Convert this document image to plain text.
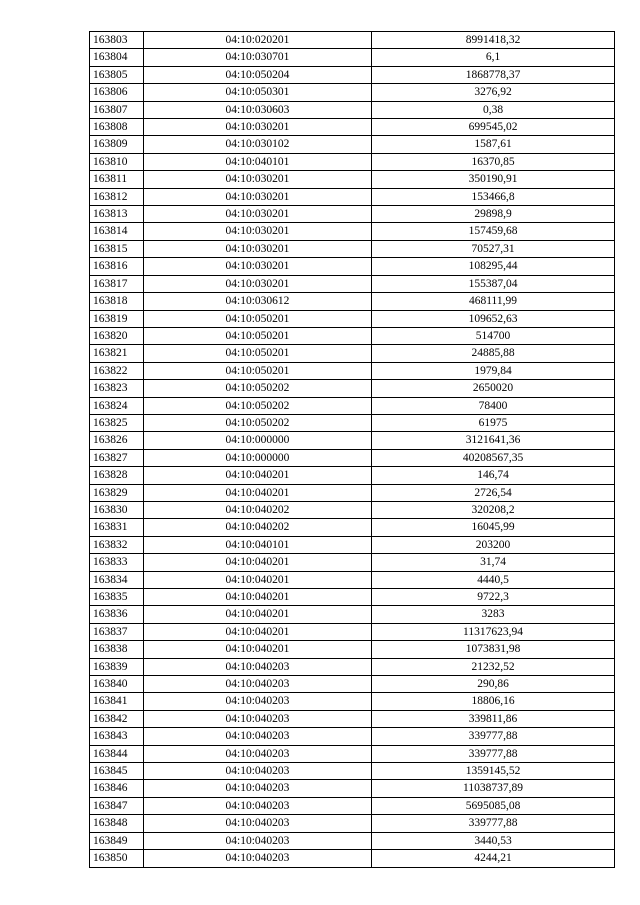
163803	04:10:020201	8991418,32
163804	04:10:030701	6,1
163805	04:10:050204	1868778,37
163806	04:10:050301	3276,92
163807	04:10:030603	0,38
163808	04:10:030201	699545,02
163809	04:10:030102	1587,61
163810	04:10:040101	16370,85
163811	04:10:030201	350190,91
163812	04:10:030201	153466,8
163813	04:10:030201	29898,9
163814	04:10:030201	157459,68
163815	04:10:030201	70527,31
163816	04:10:030201	108295,44
163817	04:10:030201	155387,04
163818	04:10:030612	468111,99
163819	04:10:050201	109652,63
163820	04:10:050201	514700
163821	04:10:050201	24885,88
163822	04:10:050201	1979,84
163823	04:10:050202	2650020
163824	04:10:050202	78400
163825	04:10:050202	61975
163826	04:10:000000	3121641,36
163827	04:10:000000	40208567,35
163828	04:10:040201	146,74
163829	04:10:040201	2726,54
163830	04:10:040202	320208,2
163831	04:10:040202	16045,99
163832	04:10:040101	203200
163833	04:10:040201	31,74
163834	04:10:040201	4440,5
163835	04:10:040201	9722,3
163836	04:10:040201	3283
163837	04:10:040201	11317623,94
163838	04:10:040201	1073831,98
163839	04:10:040203	21232,52
163840	04:10:040203	290,86
163841	04:10:040203	18806,16
163842	04:10:040203	339811,86
163843	04:10:040203	339777,88
163844	04:10:040203	339777,88
163845	04:10:040203	1359145,52
163846	04:10:040203	11038737,89
163847	04:10:040203	5695085,08
163848	04:10:040203	339777,88
163849	04:10:040203	3440,53
163850	04:10:040203	4244,21
